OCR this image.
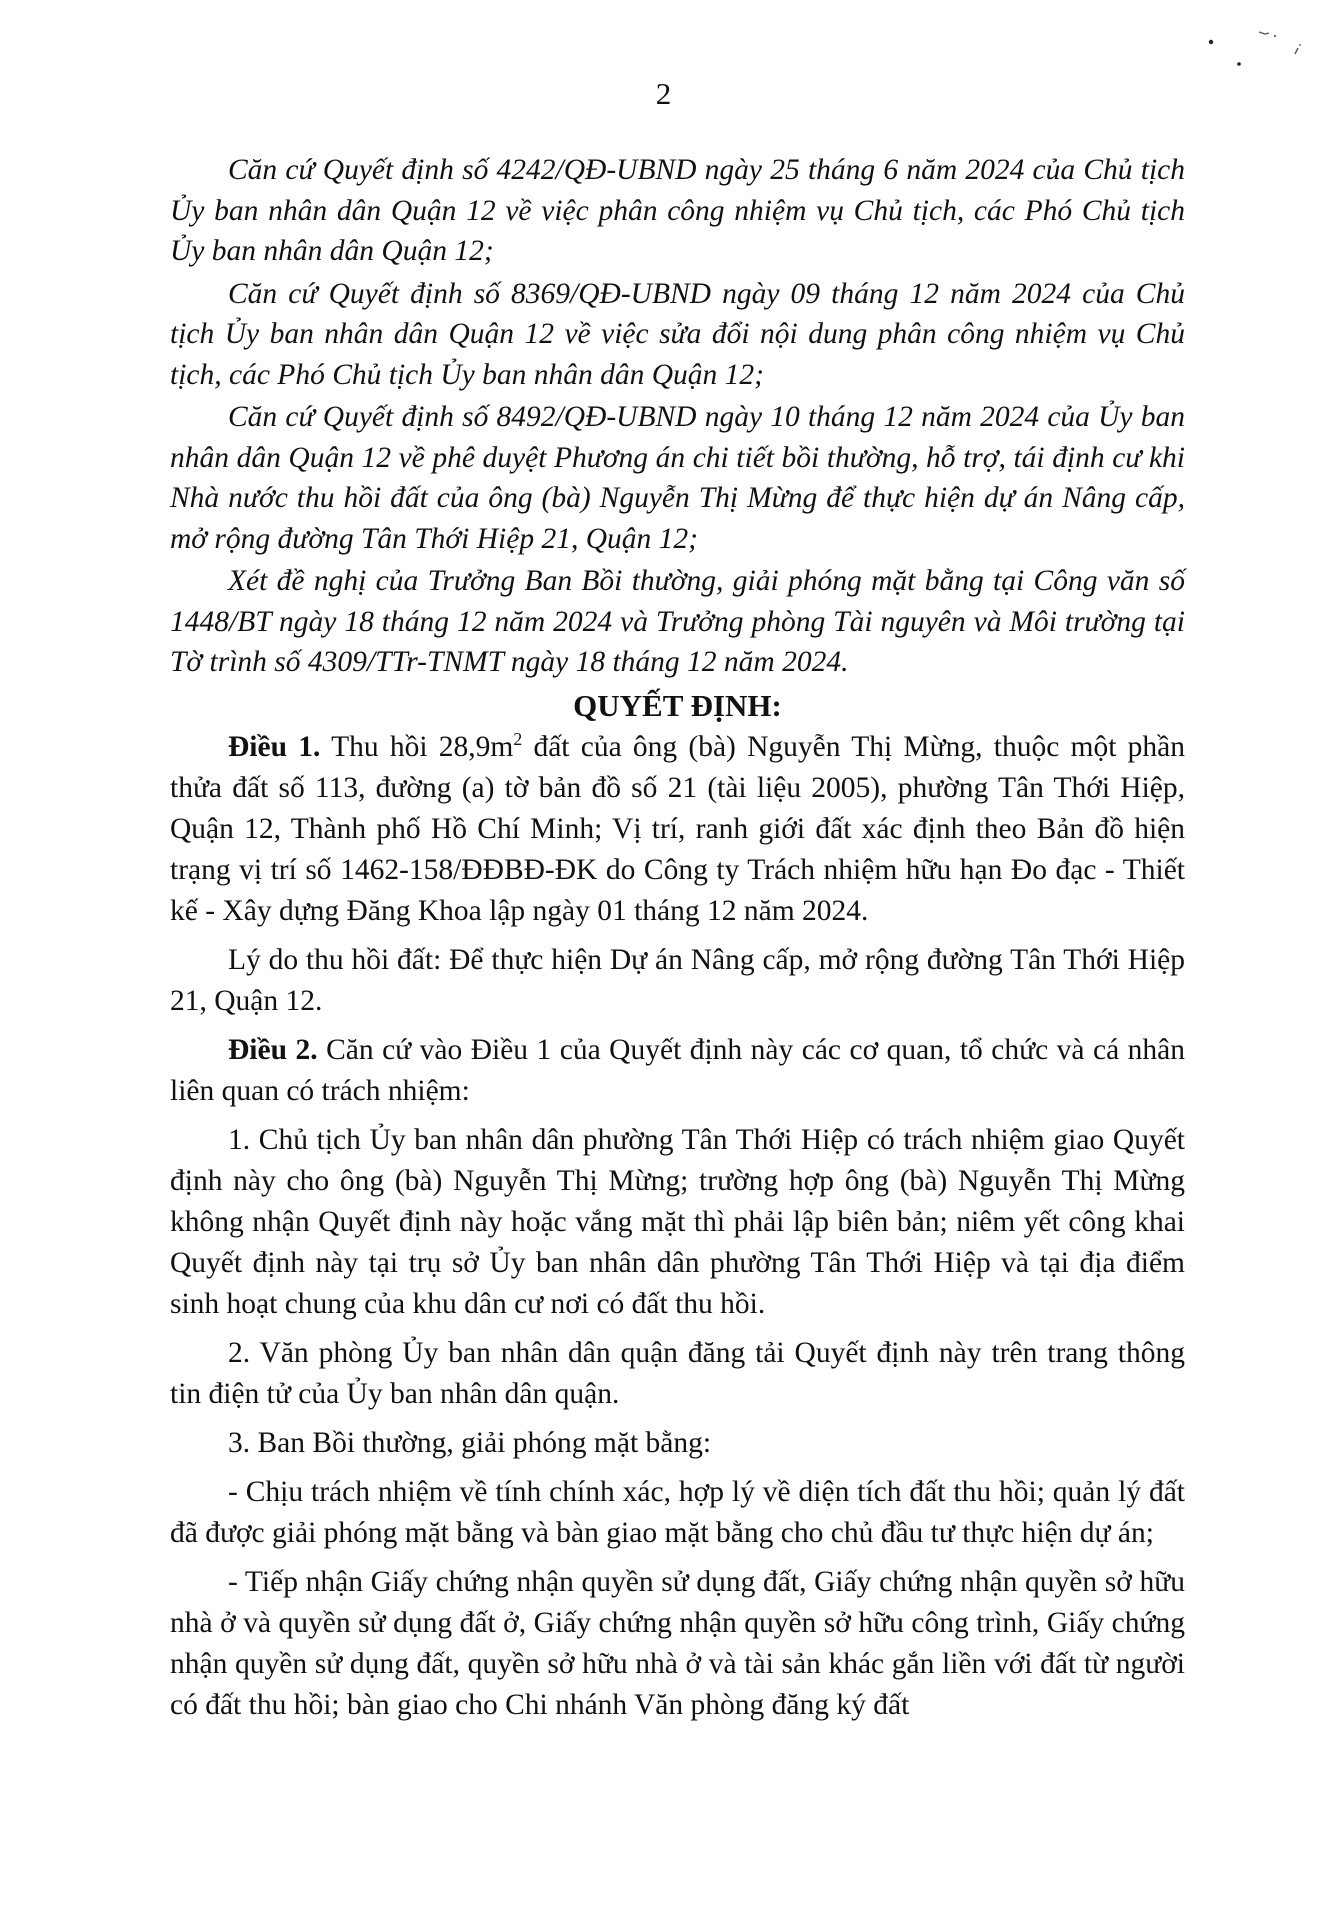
2

Căn cứ Quyết định số 4242/QĐ-UBND ngày 25 tháng 6 năm 2024 của Chủ tịch Ủy ban nhân dân Quận 12 về việc phân công nhiệm vụ Chủ tịch, các Phó Chủ tịch Ủy ban nhân dân Quận 12;

Căn cứ Quyết định số 8369/QĐ-UBND ngày 09 tháng 12 năm 2024 của Chủ tịch Ủy ban nhân dân Quận 12 về việc sửa đổi nội dung phân công nhiệm vụ Chủ tịch, các Phó Chủ tịch Ủy ban nhân dân Quận 12;

Căn cứ Quyết định số 8492/QĐ-UBND ngày 10 tháng 12 năm 2024 của Ủy ban nhân dân Quận 12 về phê duyệt Phương án chi tiết bồi thường, hỗ trợ, tái định cư khi Nhà nước thu hồi đất của ông (bà) Nguyễn Thị Mừng để thực hiện dự án Nâng cấp, mở rộng đường Tân Thới Hiệp 21, Quận 12;

Xét đề nghị của Trưởng Ban Bồi thường, giải phóng mặt bằng tại Công văn số 1448/BT ngày 18 tháng 12 năm 2024 và Trưởng phòng Tài nguyên và Môi trường tại Tờ trình số 4309/TTr-TNMT ngày 18 tháng 12 năm 2024.

QUYẾT ĐỊNH:

Điều 1. Thu hồi $28,9m^2$ đất của ông (bà) Nguyễn Thị Mừng, thuộc một phần thửa đất số 113, đường (a) tờ bản đồ số 21 (tài liệu 2005), phường Tân Thới Hiệp, Quận 12, Thành phố Hồ Chí Minh; Vị trí, ranh giới đất xác định theo Bản đồ hiện trạng vị trí số 1462-158/ĐĐBĐ-ĐK do Công ty Trách nhiệm hữu hạn Đo đạc - Thiết kế - Xây dựng Đăng Khoa lập ngày 01 tháng 12 năm 2024.

Lý do thu hồi đất: Để thực hiện Dự án Nâng cấp, mở rộng đường Tân Thới Hiệp 21, Quận 12.

Điều 2. Căn cứ vào Điều 1 của Quyết định này các cơ quan, tổ chức và cá nhân liên quan có trách nhiệm:

1. Chủ tịch Ủy ban nhân dân phường Tân Thới Hiệp có trách nhiệm giao Quyết định này cho ông (bà) Nguyễn Thị Mừng; trường hợp ông (bà) Nguyễn Thị Mừng không nhận Quyết định này hoặc vắng mặt thì phải lập biên bản; niêm yết công khai Quyết định này tại trụ sở Ủy ban nhân dân phường Tân Thới Hiệp và tại địa điểm sinh hoạt chung của khu dân cư nơi có đất thu hồi.

2. Văn phòng Ủy ban nhân dân quận đăng tải Quyết định này trên trang thông tin điện tử của Ủy ban nhân dân quận.

3. Ban Bồi thường, giải phóng mặt bằng:

- Chịu trách nhiệm về tính chính xác, hợp lý về diện tích đất thu hồi; quản lý đất đã được giải phóng mặt bằng và bàn giao mặt bằng cho chủ đầu tư thực hiện dự án;

- Tiếp nhận Giấy chứng nhận quyền sử dụng đất, Giấy chứng nhận quyền sở hữu nhà ở và quyền sử dụng đất ở, Giấy chứng nhận quyền sở hữu công trình, Giấy chứng nhận quyền sử dụng đất, quyền sở hữu nhà ở và tài sản khác gắn liền với đất từ người có đất thu hồi; bàn giao cho Chi nhánh Văn phòng đăng ký đất
